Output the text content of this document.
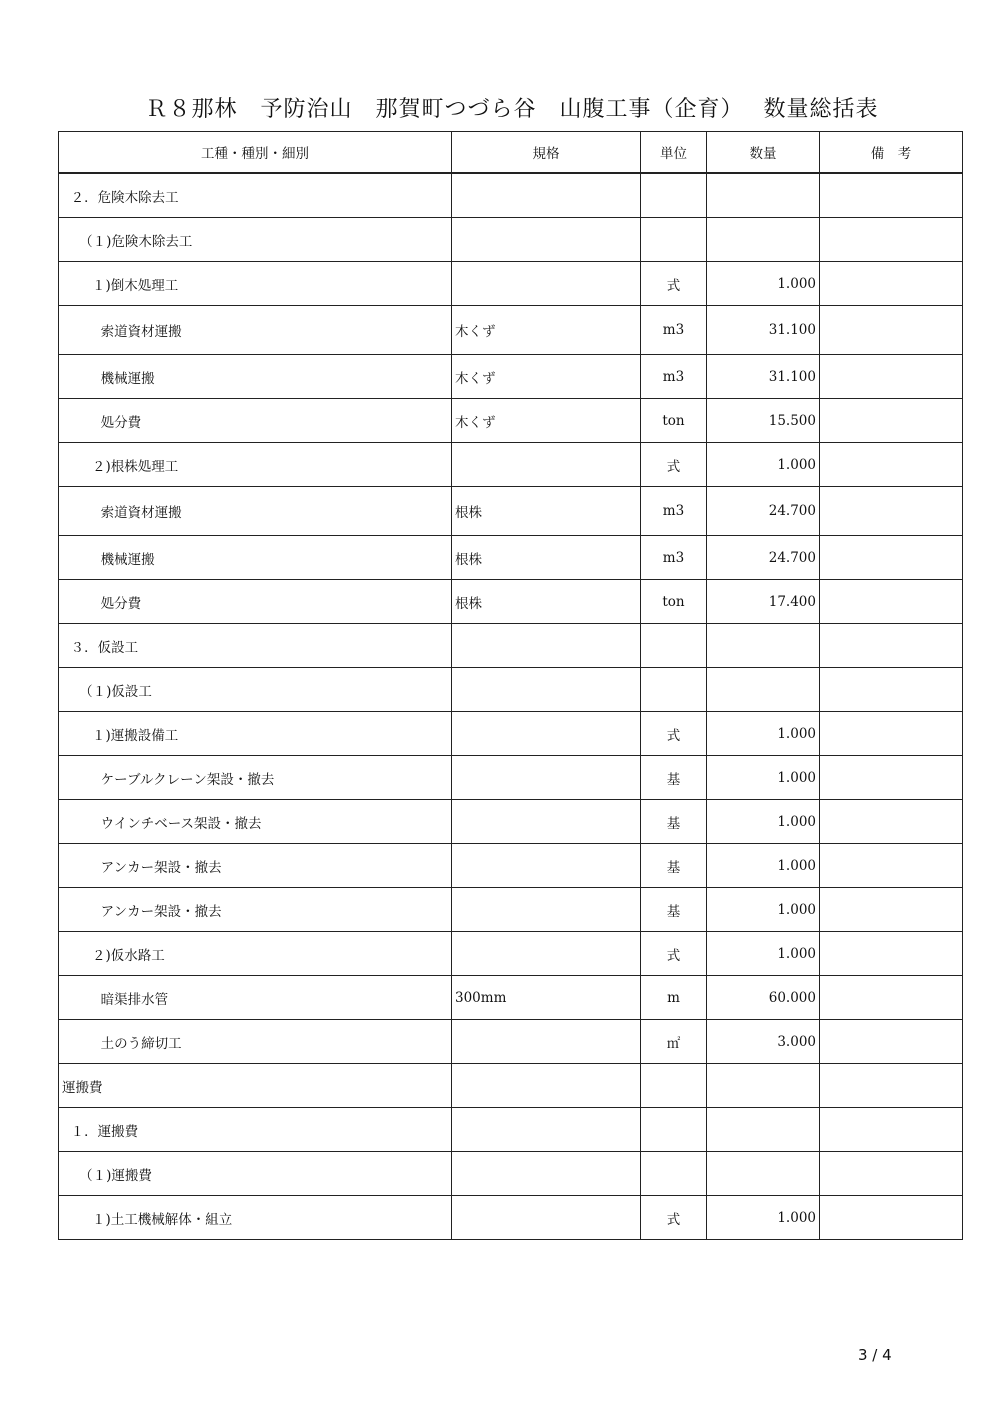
Ｒ８那林　予防治山　那賀町つづら谷　山腹工事（企育）　 数量総括表
工種・種別・細別	規格	単位	数量	備　考
２．危険木除去工				
（１)危険木除去工				
１)倒木処理工		式	1.000	
索道資材運搬	木くず	m3	31.100	
機械運搬	木くず	m3	31.100	
処分費	木くず	ton	15.500	
２)根株処理工		式	1.000	
索道資材運搬	根株	m3	24.700	
機械運搬	根株	m3	24.700	
処分費	根株	ton	17.400	
３．仮設工				
（１)仮設工				
１)運搬設備工		式	1.000	
ケーブルクレーン架設・撤去		基	1.000	
ウインチベース架設・撤去		基	1.000	
アンカー架設・撤去		基	1.000	
アンカー架設・撤去		基	1.000	
２)仮水路工		式	1.000	
暗渠排水管	300mm	m	60.000	
土のう締切工		㎡	3.000	
運搬費				
１．運搬費				
（１)運搬費				
１)土工機械解体・組立		式	1.000	
3 / 4
